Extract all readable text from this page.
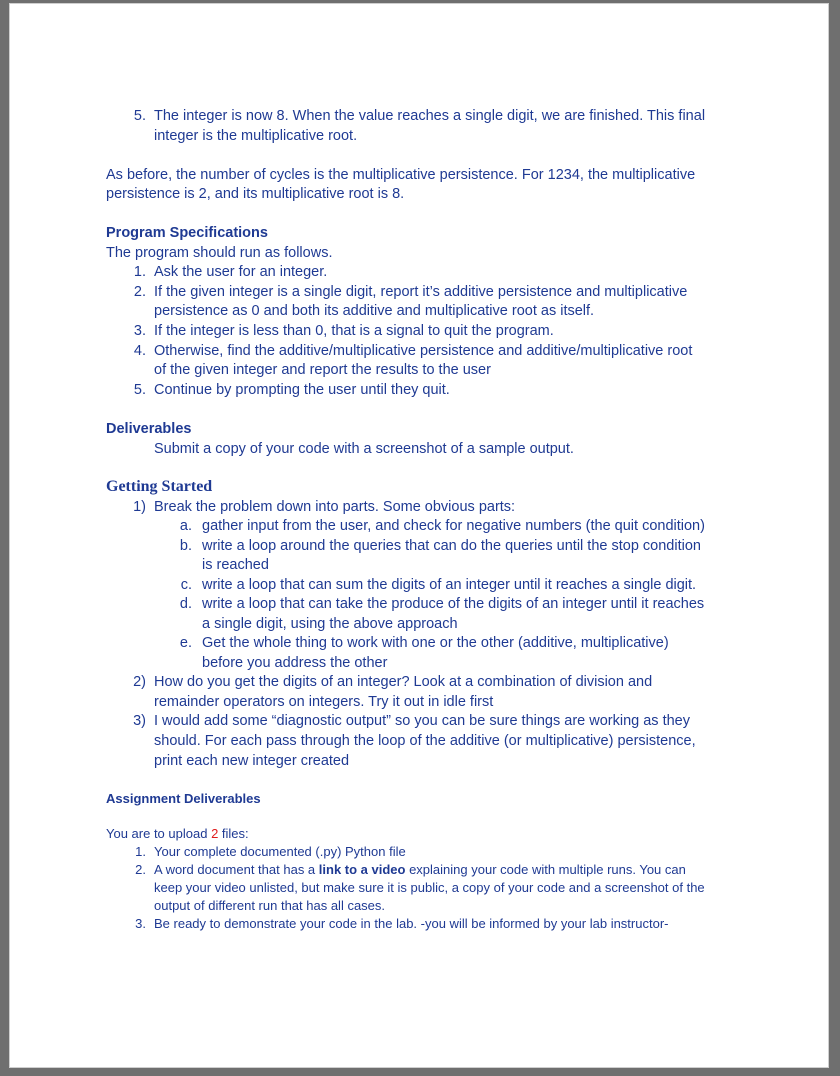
5. The integer is now 8. When the value reaches a single digit, we are finished. This final
integer is the multiplicative root.
As before, the number of cycles is the multiplicative persistence. For 1234, the multiplicative
persistence is 2, and its multiplicative root is 8.
Program Specifications
The program should run as follows.
1. Ask the user for an integer.
2. If the given integer is a single digit, report it’s additive persistence and multiplicative
persistence as 0 and both its additive and multiplicative root as itself.
3. If the integer is less than 0, that is a signal to quit the program.
4. Otherwise, find the additive/multiplicative persistence and additive/multiplicative root
of the given integer and report the results to the user
5. Continue by prompting the user until they quit.
Deliverables
Submit a copy of your code with a screenshot of a sample output.
Getting Started
1) Break the problem down into parts. Some obvious parts:
a. gather input from the user, and check for negative numbers (the quit condition)
b. write a loop around the queries that can do the queries until the stop condition
is reached
c. write a loop that can sum the digits of an integer until it reaches a single digit.
d. write a loop that can take the produce of the digits of an integer until it reaches
a single digit, using the above approach
e. Get the whole thing to work with one or the other (additive, multiplicative)
before you address the other
2) How do you get the digits of an integer? Look at a combination of division and
remainder operators on integers. Try it out in idle first
3) I would add some “diagnostic output” so you can be sure things are working as they
should. For each pass through the loop of the additive (or multiplicative) persistence,
print each new integer created
Assignment Deliverables
You are to upload 2 files:
1. Your complete documented (.py) Python file
2. A word document that has a link to a video explaining your code with multiple runs. You can
keep your video unlisted, but make sure it is public, a copy of your code and a screenshot of the
output of different run that has all cases.
3. Be ready to demonstrate your code in the lab. -you will be informed by your lab instructor-
